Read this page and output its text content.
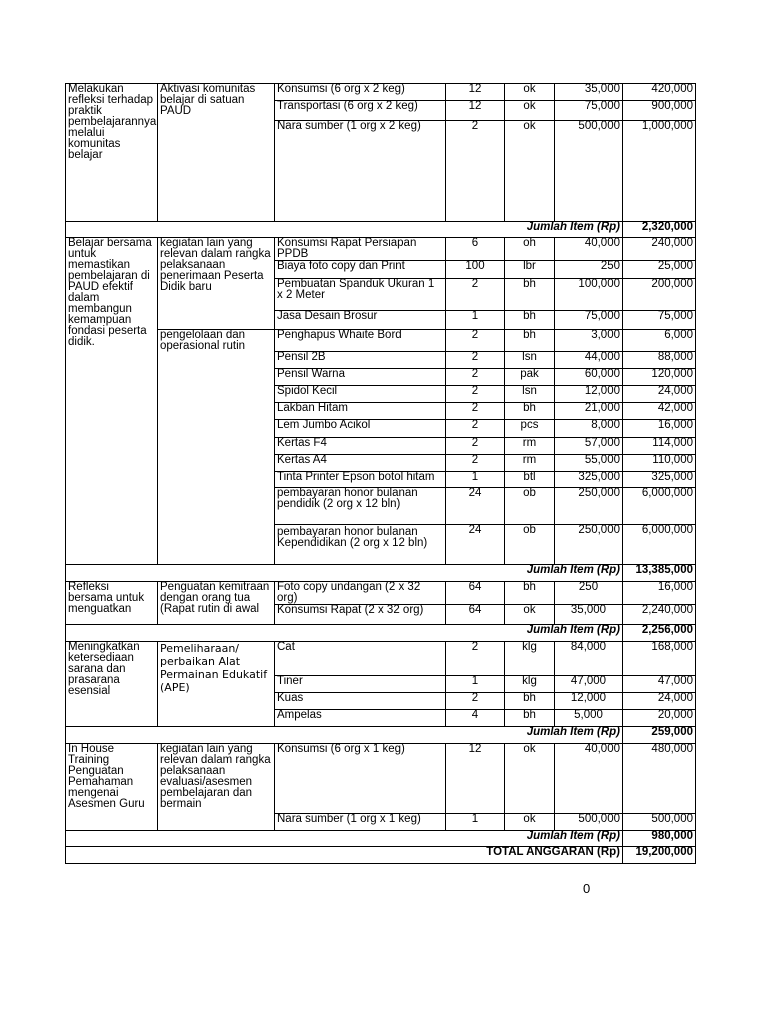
Melakukan refleksi terhadap praktik pembelajarannya melalui komunitas belajar	Aktivasi komunitas belajar di satuan PAUD	Konsumsi (6 org x 2 keg)	12	ok	35,000	420,000
		Transportasi (6 org x 2 keg)	12	ok	75,000	900,000
		Nara sumber (1 org x 2 keg)	2	ok	500,000	1,000,000
Jumlah Item (Rp)						2,320,000
Belajar bersama untuk memastikan pembelajaran di PAUD efektif dalam membangun kemampuan fondasi peserta didik.	kegiatan lain yang relevan dalam rangka pelaksanaan penerimaan Peserta Didik baru	Konsumsi Rapat Persiapan PPDB	6	oh	40,000	240,000
		Biaya foto copy dan Print	100	lbr	250	25,000
		Pembuatan Spanduk Ukuran 1 x 2 Meter	2	bh	100,000	200,000
		Jasa Desain Brosur	1	bh	75,000	75,000
	pengelolaan dan operasional rutin	Penghapus Whaite Bord	2	bh	3,000	6,000
		Pensil 2B	2	lsn	44,000	88,000
		Pensil Warna	2	pak	60,000	120,000
		Spidol Kecil	2	lsn	12,000	24,000
		Lakban Hitam	2	bh	21,000	42,000
		Lem Jumbo Acikol	2	pcs	8,000	16,000
		Kertas F4	2	rm	57,000	114,000
		Kertas A4	2	rm	55,000	110,000
		Tinta Printer Epson botol hitam	1	btl	325,000	325,000
		pembayaran honor bulanan pendidik (2 org x 12 bln)	24	ob	250,000	6,000,000
		pembayaran honor bulanan Kependidikan (2 org x 12 bln)	24	ob	250,000	6,000,000
Jumlah Item (Rp)						13,385,000
Refleksi bersama untuk menguatkan	Penguatan kemitraan dengan orang tua (Rapat rutin di awal	Foto copy undangan (2 x 32 org)	64	bh	250	16,000
		Konsumsi Rapat (2 x 32 org)	64	ok	35,000	2,240,000
Jumlah Item (Rp)						2,256,000
Meningkatkan ketersediaan sarana dan prasarana esensial	Pemeliharaan/ perbaikan Alat Permainan Edukatif (APE)	Cat	2	klg	84,000	168,000
		Tiner	1	klg	47,000	47,000
		Kuas	2	bh	12,000	24,000
		Ampelas	4	bh	5,000	20,000
Jumlah Item (Rp)						259,000
In House Training Penguatan Pemahaman mengenai Asesmen Guru	kegiatan lain yang relevan dalam rangka pelaksanaan evaluasi/asesmen pembelajaran dan bermain	Konsumsi (6 org x 1 keg)	12	ok	40,000	480,000
		Nara sumber (1 org x 1 keg)	1	ok	500,000	500,000
Jumlah Item (Rp)						980,000
TOTAL ANGGARAN (Rp)						19,200,000
0
